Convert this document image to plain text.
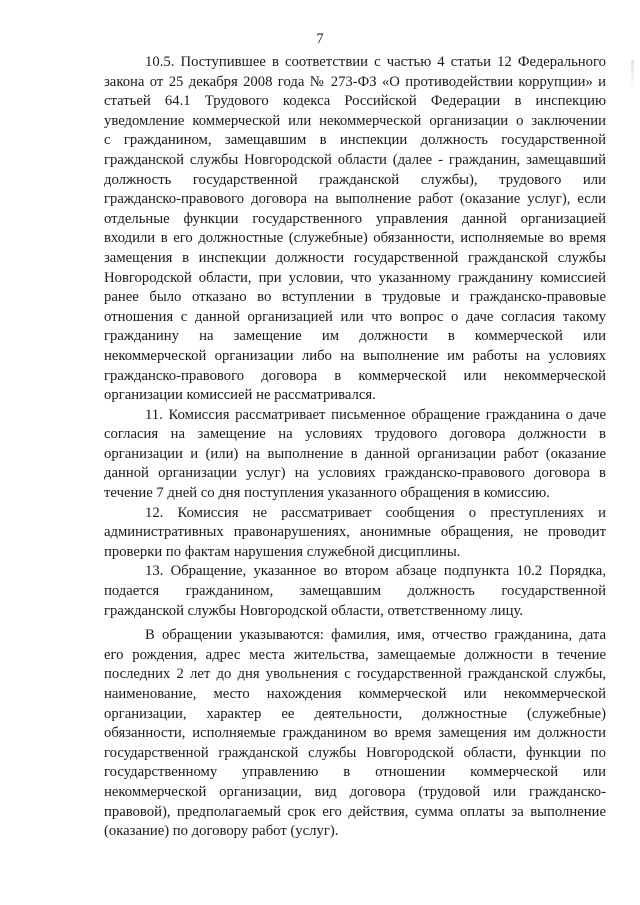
7
10.5. Поступившее в соответствии с частью 4 статьи 12 Федерального
закона от 25 декабря 2008 года № 273-ФЗ «О противодействии коррупции» и
статьей 64.1 Трудового кодекса Российской Федерации в инспекцию
уведомление коммерческой или некоммерческой организации о заключении
с гражданином, замещавшим в инспекции должность государственной
гражданской службы Новгородской области (далее - гражданин, замещавший
должность государственной гражданской службы), трудового или
гражданско-правового договора на выполнение работ (оказание услуг), если
отдельные функции государственного управления данной организацией
входили в его должностные (служебные) обязанности, исполняемые во время
замещения в инспекции должности государственной гражданской службы
Новгородской области, при условии, что указанному гражданину комиссией
ранее было отказано во вступлении в трудовые и гражданско-правовые
отношения с данной организацией или что вопрос о даче согласия такому
гражданину на замещение им должности в коммерческой или
некоммерческой организации либо на выполнение им работы на условиях
гражданско-правового договора в коммерческой или некоммерческой
организации комиссией не рассматривался.
11. Комиссия рассматривает письменное обращение гражданина о даче
согласия на замещение на условиях трудового договора должности в
организации и (или) на выполнение в данной организации работ (оказание
данной организации услуг) на условиях гражданско-правового договора в
течение 7 дней со дня поступления указанного обращения в комиссию.
12. Комиссия не рассматривает сообщения о преступлениях и
административных правонарушениях, анонимные обращения, не проводит
проверки по фактам нарушения служебной дисциплины.
13. Обращение, указанное во втором абзаце подпункта 10.2 Порядка,
подается гражданином, замещавшим должность государственной
гражданской службы Новгородской области, ответственному лицу.
В обращении указываются: фамилия, имя, отчество гражданина, дата
его рождения, адрес места жительства, замещаемые должности в течение
последних 2 лет до дня увольнения с государственной гражданской службы,
наименование, место нахождения коммерческой или некоммерческой
организации, характер ее деятельности, должностные (служебные)
обязанности, исполняемые гражданином во время замещения им должности
государственной гражданской службы Новгородской области, функции по
государственному управлению в отношении коммерческой или
некоммерческой организации, вид договора (трудовой или гражданско-
правовой), предполагаемый срок его действия, сумма оплаты за выполнение
(оказание) по договору работ (услуг).
